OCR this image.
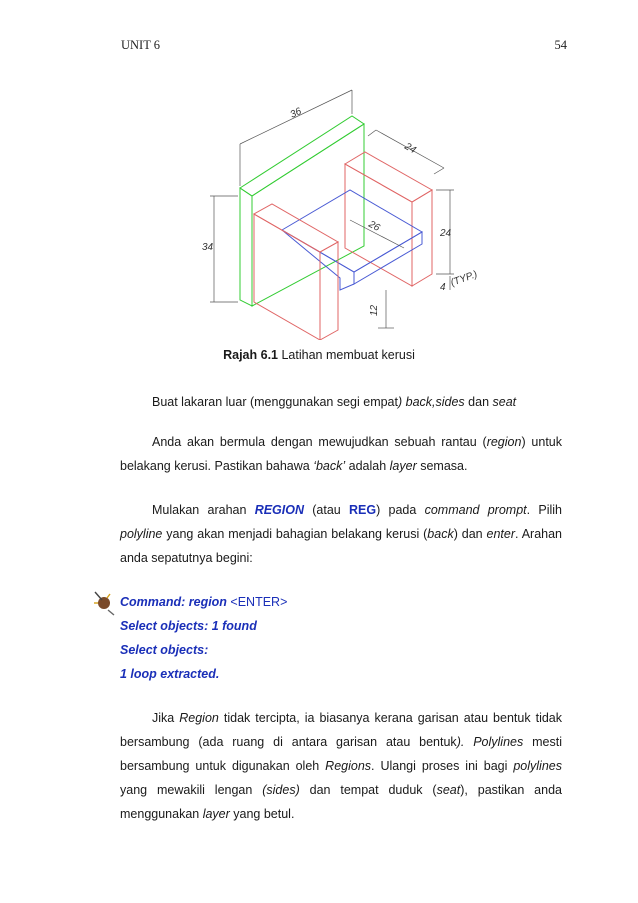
UNIT 6	54
36
24
26	24
34
12
4 (TYP.)
Rajah 6.1 Latihan membuat kerusi
Buat lakaran luar (menggunakan segi empat) back,sides dan seat
Anda akan bermula dengan mewujudkan sebuah rantau (region) untuk belakang kerusi. Pastikan bahawa ‘back’ adalah layer semasa.
Mulakan arahan REGION (atau REG) pada command prompt. Pilih polyline yang akan menjadi bahagian belakang kerusi (back) dan enter. Arahan anda sepatutnya begini:
Command: region <ENTER>
Select objects: 1 found
Select objects:
1 loop extracted.
Jika Region tidak tercipta, ia biasanya kerana garisan atau bentuk tidak bersambung (ada ruang di antara garisan atau bentuk). Polylines mesti bersambung untuk digunakan oleh Regions. Ulangi proses ini bagi polylines yang mewakili lengan (sides) dan tempat duduk (seat), pastikan anda menggunakan layer yang betul.
